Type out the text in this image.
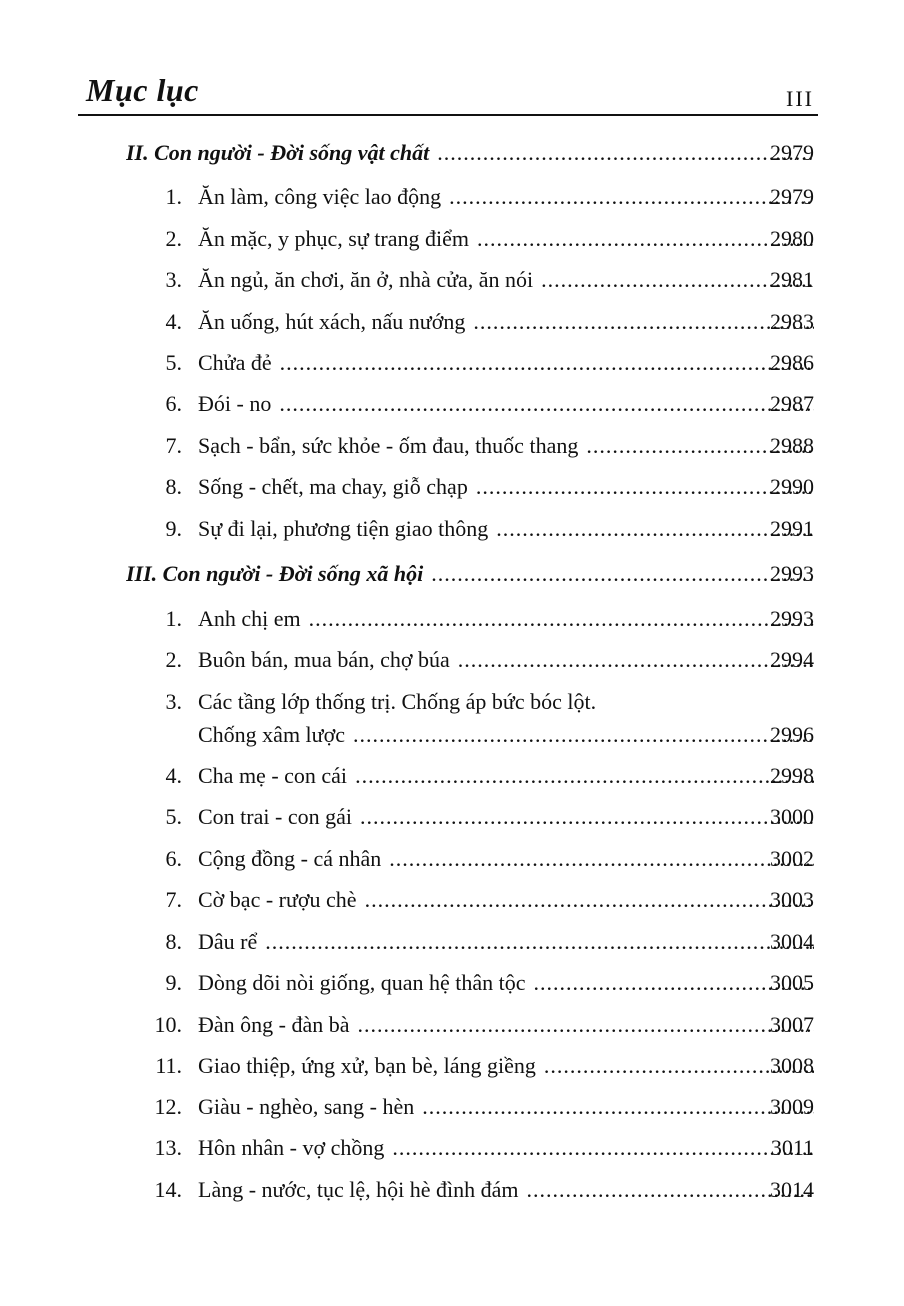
Mục lục	III
II. Con người - Đời sống vật chất .....	2979
1. Ăn làm, công việc lao động .....	2979
2. Ăn mặc, y phục, sự trang điểm .....	2980
3. Ăn ngủ, ăn chơi, ăn ở, nhà cửa, ăn nói .....	2981
4. Ăn uống, hút xách, nấu nướng .....	2983
5. Chửa đẻ .....	2986
6. Đói - no .....	2987
7. Sạch - bẩn, sức khỏe - ốm đau, thuốc thang .....	2988
8. Sống - chết, ma chay, giỗ chạp .....	2990
9. Sự đi lại, phương tiện giao thông .....	2991
III. Con người - Đời sống xã hội .....	2993
1. Anh chị em .....	2993
2. Buôn bán, mua bán, chợ búa .....	2994
3. Các tầng lớp thống trị. Chống áp bức bóc lột.
Chống xâm lược .....	2996
4. Cha mẹ - con cái .....	2998
5. Con trai - con gái .....	3000
6. Cộng đồng - cá nhân .....	3002
7. Cờ bạc - rượu chè .....	3003
8. Dâu rể .....	3004
9. Dòng dõi nòi giống, quan hệ thân tộc .....	3005
10. Đàn ông - đàn bà .....	3007
11. Giao thiệp, ứng xử, bạn bè, láng giềng .....	3008
12. Giàu - nghèo, sang - hèn .....	3009
13. Hôn nhân - vợ chồng .....	3011
14. Làng - nước, tục lệ, hội hè đình đám .....	3014
